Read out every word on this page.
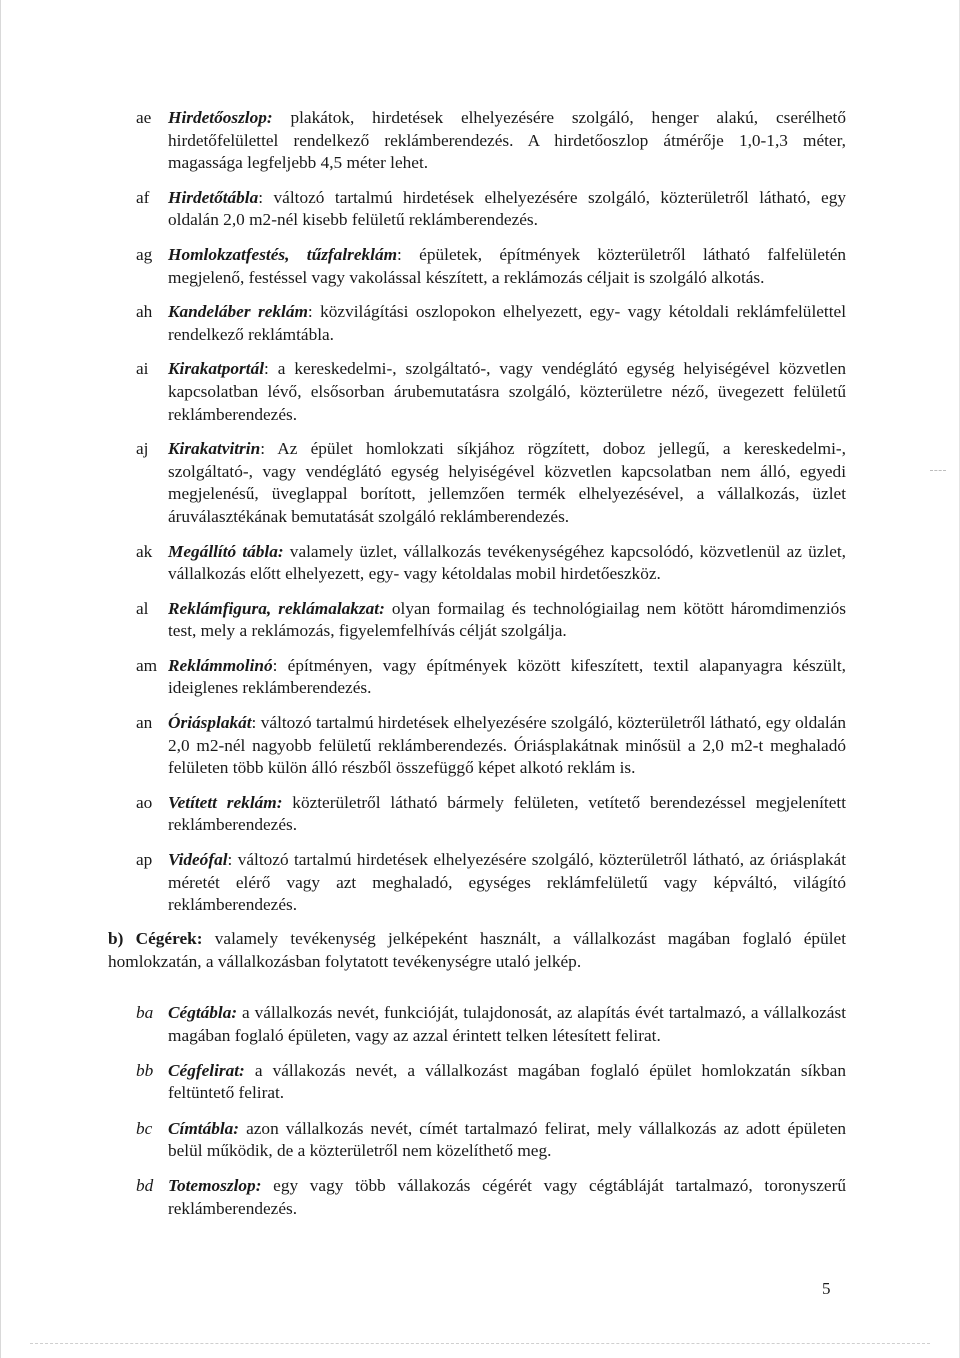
ae Hirdetőoszlop: plakátok, hirdetések elhelyezésére szolgáló, henger alakú, cserélhető hirdetőfelülettel rendelkező reklámberendezés. A hirdetőoszlop átmérője 1,0-1,3 méter, magassága legfeljebb 4,5 méter lehet.
af	Hirdetőtábla: változó tartalmú hirdetések elhelyezésére szolgáló, közterületről látható, egy oldalán 2,0 m2-nél kisebb felületű reklámberendezés.
ag Homlokzatfestés, tűzfalreklám: épületek, építmények közterületről látható falfelületén megjelenő, festéssel vagy vakolással készített, a reklámozás céljait is szolgáló alkotás.
ah Kandeláber reklám: közvilágítási oszlopokon elhelyezett, egy- vagy kétoldali reklámfelülettel rendelkező reklámtábla.
ai	Kirakatportál: a kereskedelmi-, szolgáltató-, vagy vendéglátó egység helyiségével közvetlen kapcsolatban lévő, elsősorban árubemutatásra szolgáló, közterületre néző, üvegezett felületű reklámberendezés.
aj	Kirakatvitrin: Az épület homlokzati síkjához rögzített, doboz jellegű, a kereskedelmi-, szolgáltató-, vagy vendéglátó egység helyiségével közvetlen kapcsolatban nem álló, egyedi megjelenésű, üveglappal borított, jellemzően termék elhelyezésével, a vállalkozás, üzlet áruválasztékának bemutatását szolgáló reklámberendezés.
ak Megállító tábla: valamely üzlet, vállalkozás tevékenységéhez kapcsolódó, közvetlenül az üzlet, vállalkozás előtt elhelyezett, egy- vagy kétoldalas mobil hirdetőeszköz.
al	Reklámfigura, reklámalakzat: olyan formailag és technológiailag nem kötött háromdimenziós test, mely a reklámozás, figyelemfelhívás célját szolgálja.
am Reklámmolinó: építményen, vagy építmények között kifeszített, textil alapanyagra készült, ideiglenes reklámberendezés.
an Óriásplakát: változó tartalmú hirdetések elhelyezésére szolgáló, közterületről látható, egy oldalán 2,0 m2-nél nagyobb felületű reklámberendezés. Óriásplakátnak minősül a 2,0 m2-t meghaladó felületen több külön álló részből összefüggő képet alkotó reklám is.
ao Vetített reklám: közterületről látható bármely felületen, vetítető berendezéssel megjelenített reklámberendezés.
ap Videófal: változó tartalmú hirdetések elhelyezésére szolgáló, közterületről látható, az óriásplakát méretét elérő vagy azt meghaladó, egységes reklámfelületű vagy képváltó, világító reklámberendezés.
b) Cégérek: valamely tevékenység jelképeként használt, a vállalkozást magában foglaló épület homlokzatán, a vállalkozásban folytatott tevékenységre utaló jelkép.
ba Cégtábla: a vállalkozás nevét, funkcióját, tulajdonosát, az alapítás évét tartalmazó, a vállalkozást magában foglaló épületen, vagy az azzal érintett telken létesített felirat.
bb Cégfelirat: a vállakozás nevét, a vállalkozást magában foglaló épület homlokzatán síkban feltüntető felirat.
bc Címtábla: azon vállalkozás nevét, címét tartalmazó felirat, mely vállalkozás az adott épületen belül működik, de a közterületről nem közelíthető meg.
bd Totemoszlop: egy vagy több vállakozás cégérét vagy cégtábláját tartalmazó, toronyszerű reklámberendezés.
5
